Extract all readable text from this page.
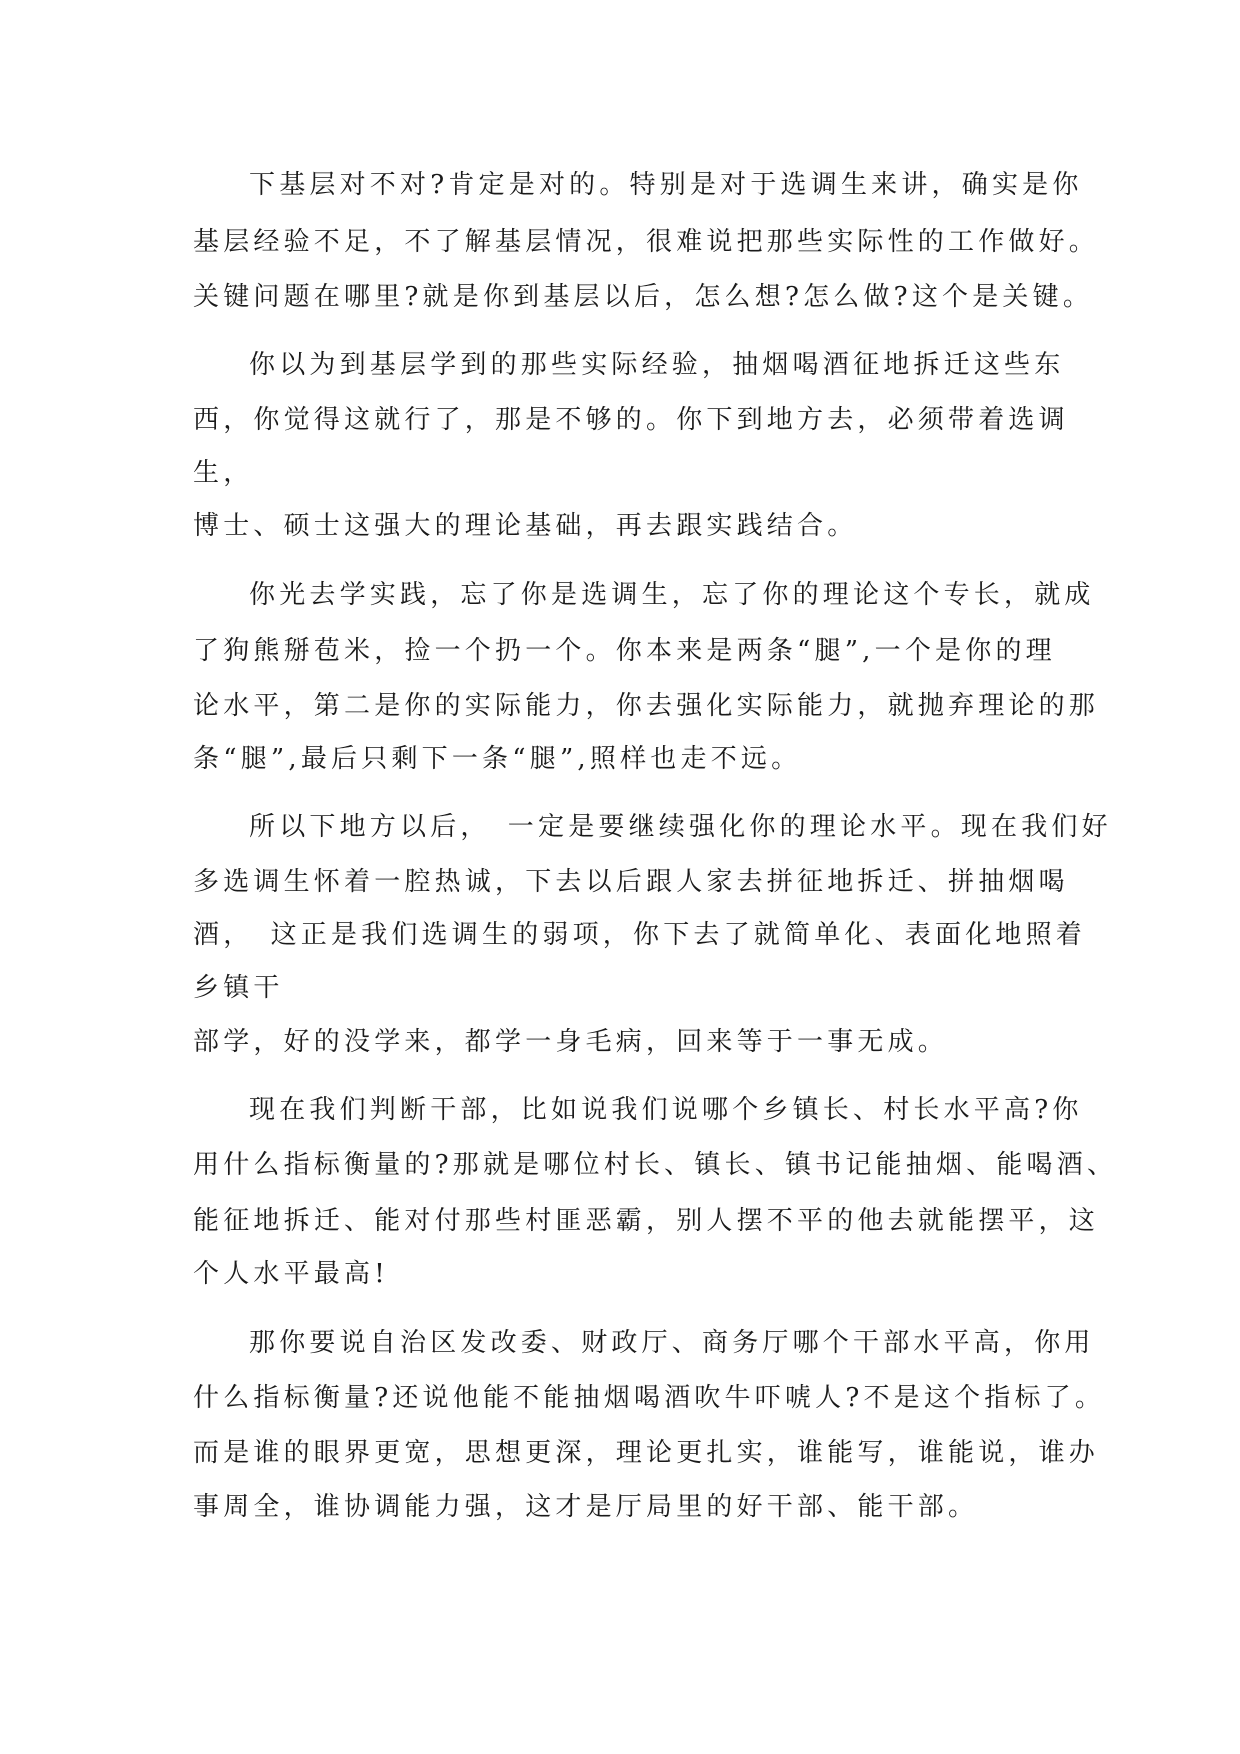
下基层对不对?肯定是对的。特别是对于选调生来讲，确实是你
基层经验不足，不了解基层情况，很难说把那些实际性的工作做好。
关键问题在哪里?就是你到基层以后，怎么想?怎么做?这个是关键。
你以为到基层学到的那些实际经验，抽烟喝酒征地拆迁这些东
西，你觉得这就行了，那是不够的。你下到地方去，必须带着选调
生，
博士、硕士这强大的理论基础，再去跟实践结合。
你光去学实践，忘了你是选调生，忘了你的理论这个专长，就成
了狗熊掰苞米，捡一个扔一个。你本来是两条“腿”,一个是你的理
论水平，第二是你的实际能力，你去强化实际能力，就抛弃理论的那
条“腿”,最后只剩下一条“腿”,照样也走不远。
所以下地方以后，　一定是要继续强化你的理论水平。现在我们好
多选调生怀着一腔热诚，下去以后跟人家去拼征地拆迁、拼抽烟喝
酒，　这正是我们选调生的弱项，你下去了就简单化、表面化地照着
乡镇干
部学，好的没学来，都学一身毛病，回来等于一事无成。
现在我们判断干部，比如说我们说哪个乡镇长、村长水平高?你
用什么指标衡量的?那就是哪位村长、镇长、镇书记能抽烟、能喝酒、
能征地拆迁、能对付那些村匪恶霸，别人摆不平的他去就能摆平，这
个人水平最高!
那你要说自治区发改委、财政厅、商务厅哪个干部水平高，你用
什么指标衡量?还说他能不能抽烟喝酒吹牛吓唬人?不是这个指标了。
而是谁的眼界更宽，思想更深，理论更扎实，谁能写，谁能说，谁办
事周全，谁协调能力强，这才是厅局里的好干部、能干部。
